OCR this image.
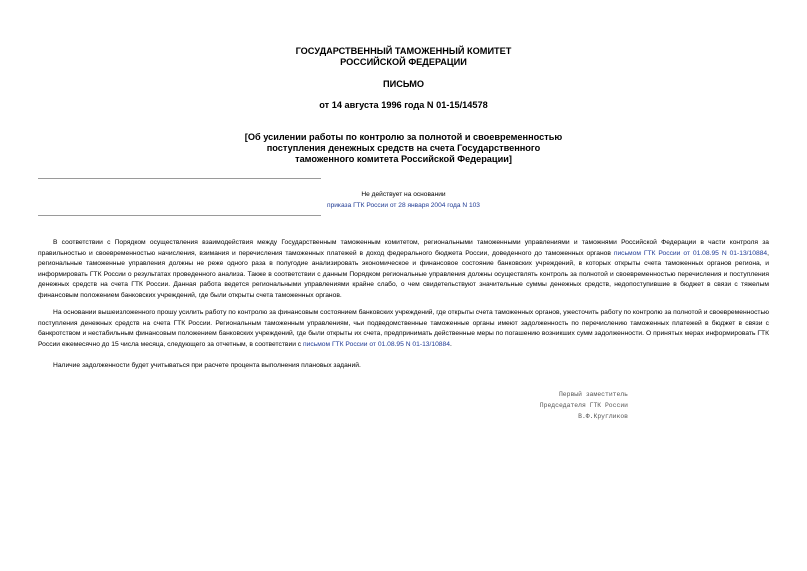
ГОСУДАРСТВЕННЫЙ ТАМОЖЕННЫЙ КОМИТЕТ
РОССИЙСКОЙ ФЕДЕРАЦИИ
ПИСЬМО
от 14 августа 1996 года N 01-15/14578
[Об усилении работы по контролю за полнотой и своевременностью
поступления денежных средств на счета Государственного
таможенного комитета Российской Федерации]
Не действует на основании
приказа ГТК России от 28 января 2004 года N 103

В соответствии с Порядком осуществления взаимодействия между Государственным таможенным комитетом, региональными таможенными управлениями и таможнями Российской Федерации в части контроля за правильностью и своевременностью начисления, взимания и перечисления таможенных платежей в доход федерального бюджета России, доведенного до таможенных органов письмом ГТК России от 01.08.95 N 01-13/10884, региональные таможенные управления должны не реже одного раза в полугодие анализировать экономическое и финансовое состояние банковских учреждений, в которых открыты счета таможенных органов региона, и информировать ГТК России о результатах проведенного анализа. Также в соответствии с данным Порядком региональные управления должны осуществлять контроль за полнотой и своевременностью перечисления и поступления денежных средств на счета ГТК России. Данная работа ведется региональными управлениями крайне слабо, о чем свидетельствуют значительные суммы денежных средств, недопоступившие в бюджет в связи с тяжелым финансовым положением банковских учреждений, где были открыты счета таможенных органов.

На основании вышеизложенного прошу усилить работу по контролю за финансовым состоянием банковских учреждений, где открыты счета таможенных органов, ужесточить работу по контролю за полнотой и своевременностью поступления денежных средств на счета ГТК России. Региональным таможенным управлениям, чьи подведомственные таможенные органы имеют задолженность по перечислению таможенных платежей в бюджет в связи с банкротством и нестабильным финансовым положением банковских учреждений, где были открыты их счета, предпринимать действенные меры по погашению возникших сумм задолженности. О принятых мерах информировать ГТК России ежемесячно до 15 числа месяца, следующего за отчетным, в соответствии с письмом ГТК России от 01.08.95 N 01-13/10884.

Наличие задолженности будет учитываться при расчете процента выполнения плановых заданий.

Первый заместитель
Председателя ГТК России
В.Ф.Кругликов
